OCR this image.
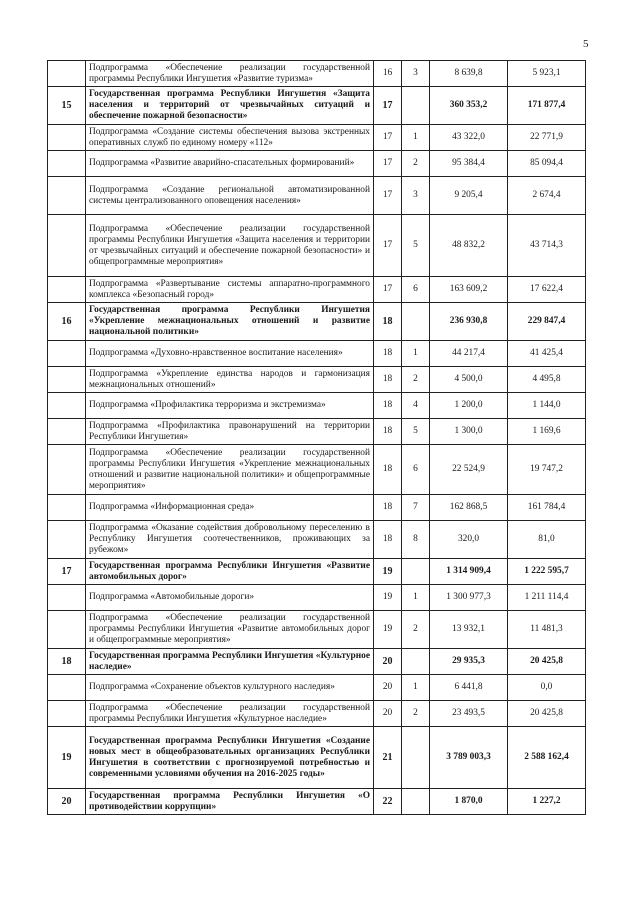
5
	Подпрограмма «Обеспечение реализации государственной программы Республики Ингушетия «Развитие туризма»	16	3	8 639,8	5 923,1
15	Государственная программа Республики Ингушетия «Защита населения и территорий от чрезвычайных ситуаций и обеспечение пожарной безопасности»	17		360 353,2	171 877,4
	Подпрограмма «Создание системы обеспечения вызова экстренных оперативных служб по единому номеру «112»	17	1	43 322,0	22 771,9
	Подпрограмма «Развитие аварийно-спасательных формирований»	17	2	95 384,4	85 094,4
	Подпрограмма «Создание региональной автоматизированной системы централизованного оповещения населения»	17	3	9 205,4	2 674,4
	Подпрограмма «Обеспечение реализации государственной программы Республики Ингушетия «Защита населения и территории от чрезвычайных ситуаций и обеспечение пожарной безопасности» и общепрограммные мероприятия»	17	5	48 832,2	43 714,3
	Подпрограмма «Развертывание системы аппаратно-программного комплекса «Безопасный город»	17	6	163 609,2	17 622,4
16	Государственная программа Республики Ингушетия «Укрепление межнациональных отношений и развитие национальной политики»	18		236 930,8	229 847,4
	Подпрограмма «Духовно-нравственное воспитание населения»	18	1	44 217,4	41 425,4
	Подпрограмма «Укрепление единства народов и гармонизация межнациональных отношений»	18	2	4 500,0	4 495,8
	Подпрограмма «Профилактика терроризма и экстремизма»	18	4	1 200,0	1 144,0
	Подпрограмма «Профилактика правонарушений на территории Республики Ингушетия»	18	5	1 300,0	1 169,6
	Подпрограмма «Обеспечение реализации государственной программы Республики Ингушетия «Укрепление межнациональных отношений и развитие национальной политики» и общепрограммные мероприятия»	18	6	22 524,9	19 747,2
	Подпрограмма «Информационная среда»	18	7	162 868,5	161 784,4
	Подпрограмма «Оказание содействия добровольному переселению в Республику Ингушетия соотечественников, проживающих за рубежом»	18	8	320,0	81,0
17	Государственная программа Республики Ингушетия «Развитие автомобильных дорог»	19		1 314 909,4	1 222 595,7
	Подпрограмма «Автомобильные дороги»	19	1	1 300 977,3	1 211 114,4
	Подпрограмма «Обеспечение реализации государственной программы Республики Ингушетия «Развитие автомобильных дорог и общепрограммные мероприятия»	19	2	13 932,1	11 481,3
18	Государственная программа Республики Ингушетия «Культурное наследие»	20		29 935,3	20 425,8
	Подпрограмма «Сохранение объектов культурного наследия»	20	1	6 441,8	0,0
	Подпрограмма «Обеспечение реализации государственной программы Республики Ингушетия «Культурное наследие»	20	2	23 493,5	20 425,8
19	Государственная программа Республики Ингушетия «Создание новых мест в общеобразовательных организациях Республики Ингушетия в соответствии с прогнозируемой потребностью и современными условиями обучения на 2016-2025 годы»	21		3 789 003,3	2 588 162,4
20	Государственная программа Республики Ингушетия «О противодействии коррупции»	22		1 870,0	1 227,2
